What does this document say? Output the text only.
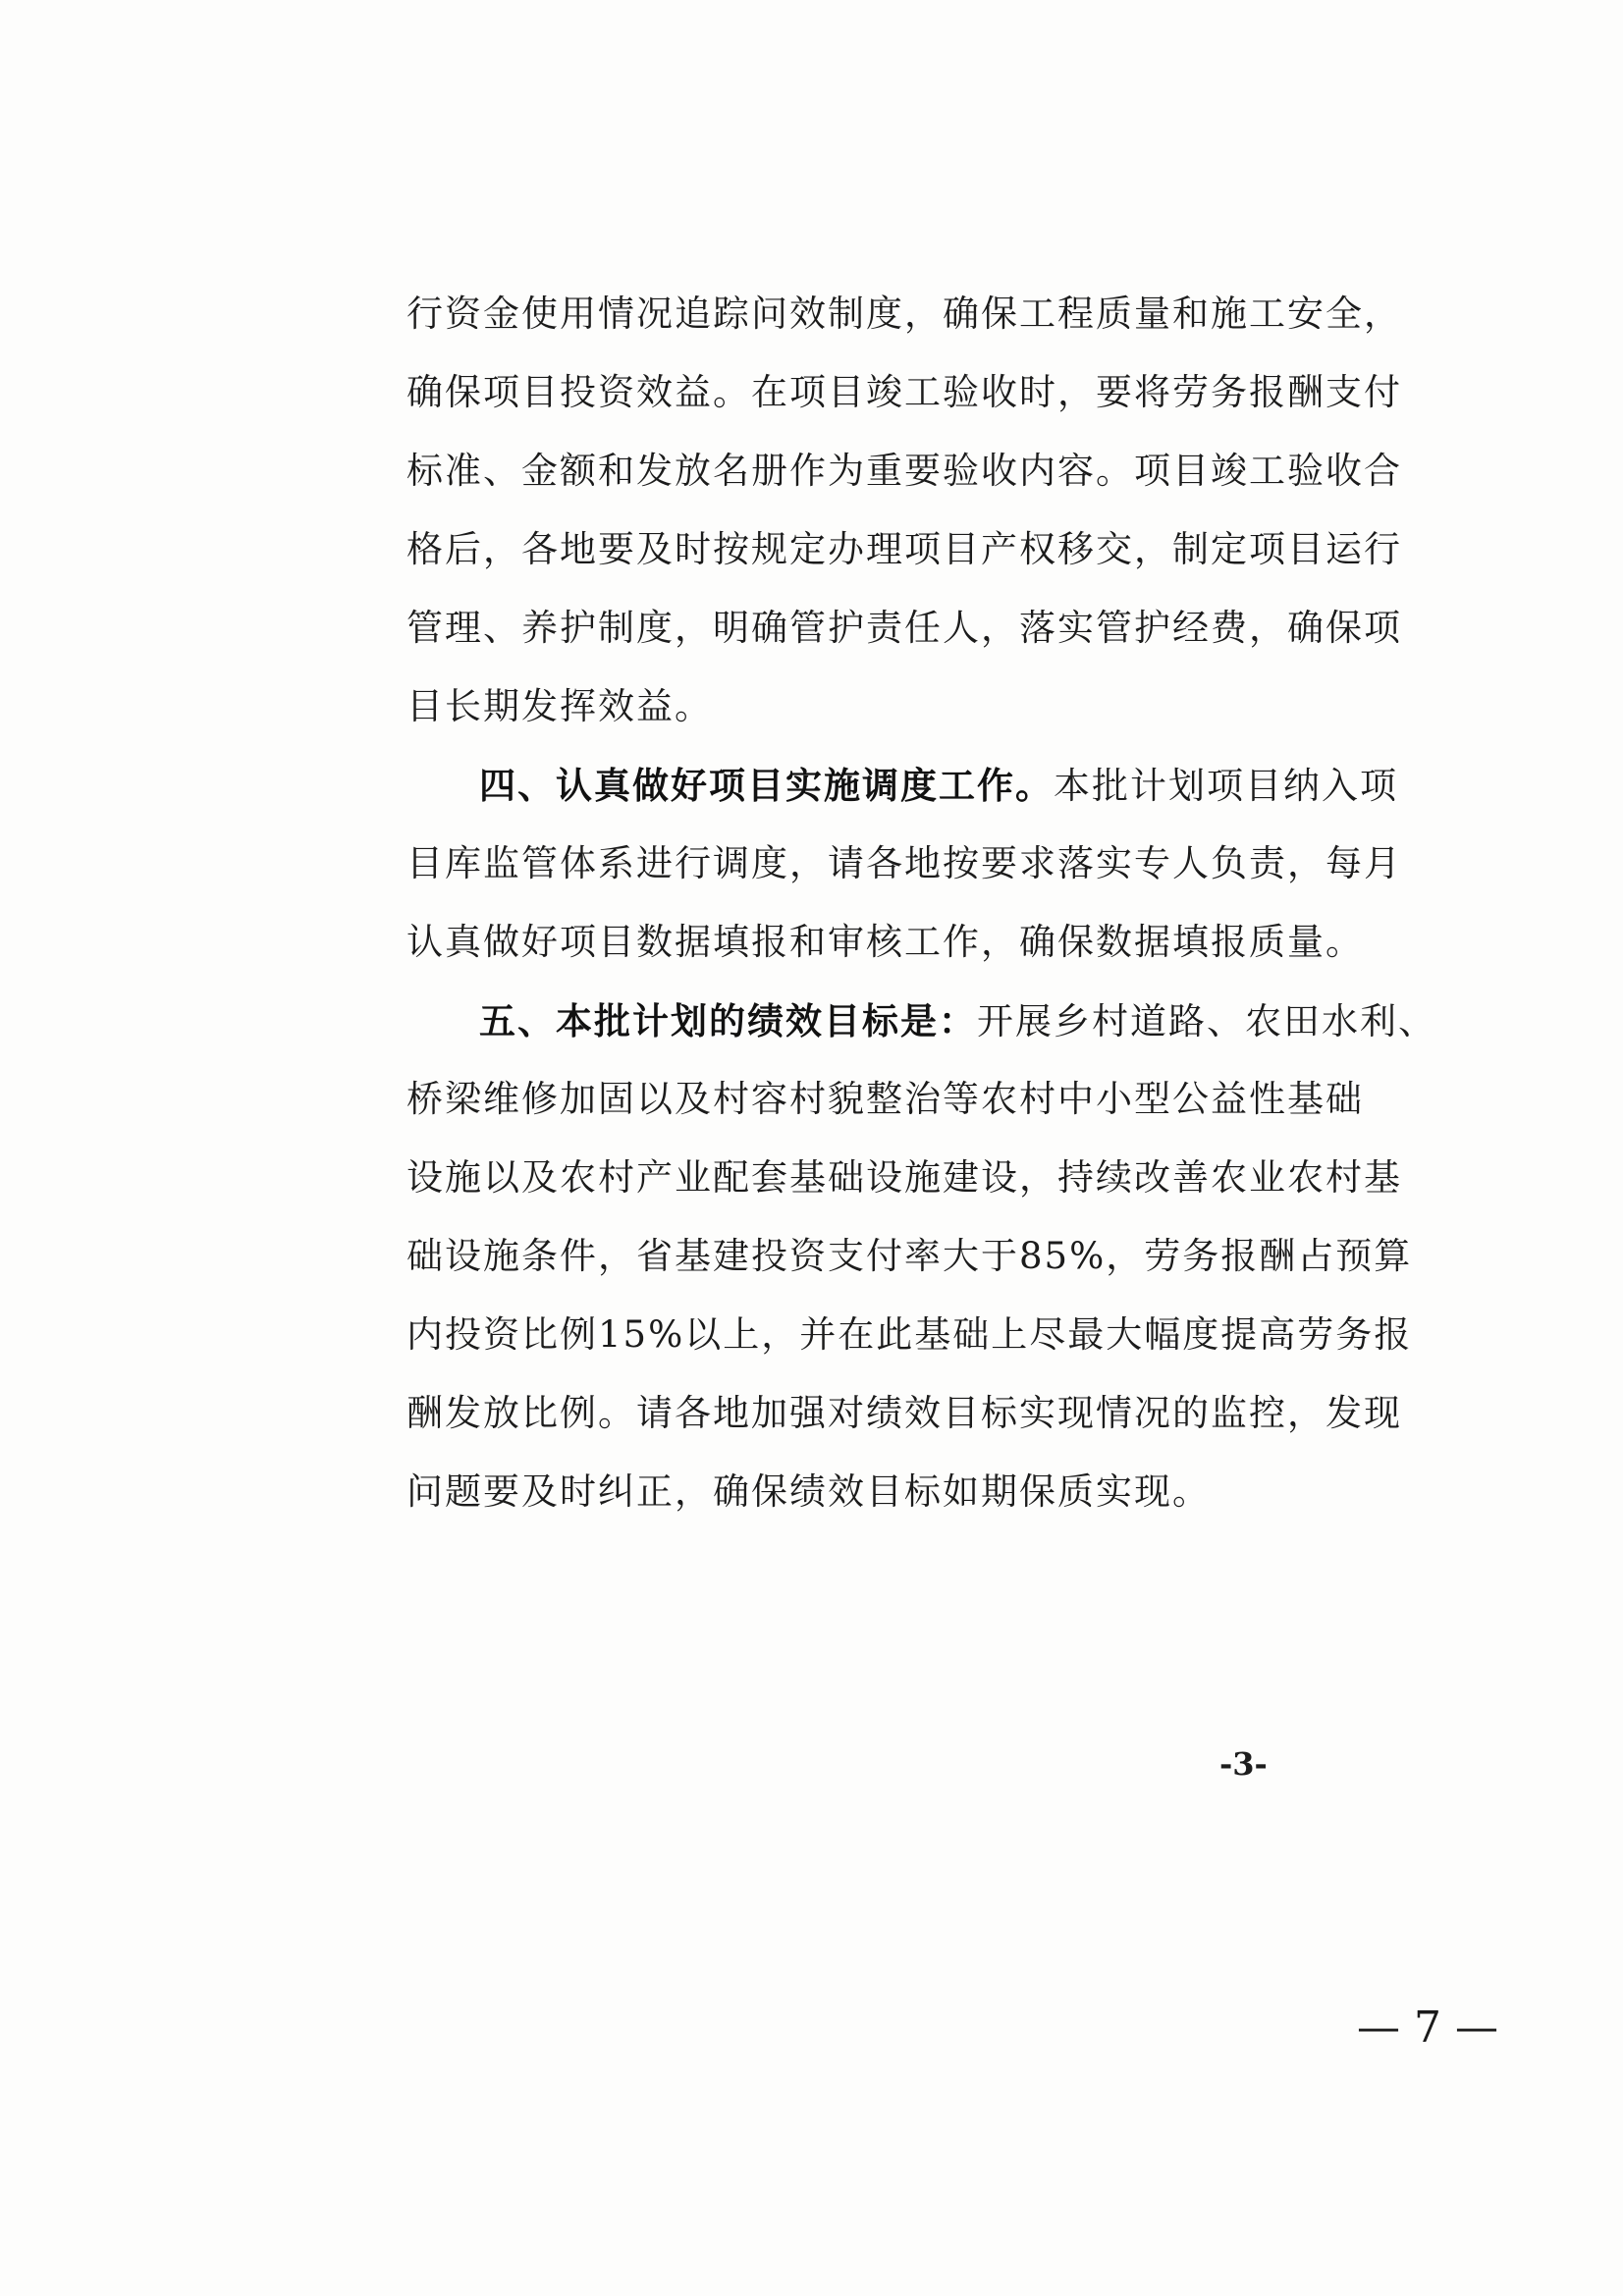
行资金使用情况追踪问效制度，确保工程质量和施工安全，
确保项目投资效益。在项目竣工验收时，要将劳务报酬支付
标准、金额和发放名册作为重要验收内容。项目竣工验收合
格后，各地要及时按规定办理项目产权移交，制定项目运行
管理、养护制度，明确管护责任人，落实管护经费，确保项
目长期发挥效益。
四、认真做好项目实施调度工作。本批计划项目纳入项
目库监管体系进行调度，请各地按要求落实专人负责，每月
认真做好项目数据填报和审核工作，确保数据填报质量。
五、本批计划的绩效目标是：开展乡村道路、农田水利、
桥梁维修加固以及村容村貌整治等农村中小型公益性基础
设施以及农村产业配套基础设施建设，持续改善农业农村基
础设施条件，省基建投资支付率大于85%，劳务报酬占预算
内投资比例15%以上，并在此基础上尽最大幅度提高劳务报
酬发放比例。请各地加强对绩效目标实现情况的监控，发现
问题要及时纠正，确保绩效目标如期保质实现。
-3-
— 7 —
